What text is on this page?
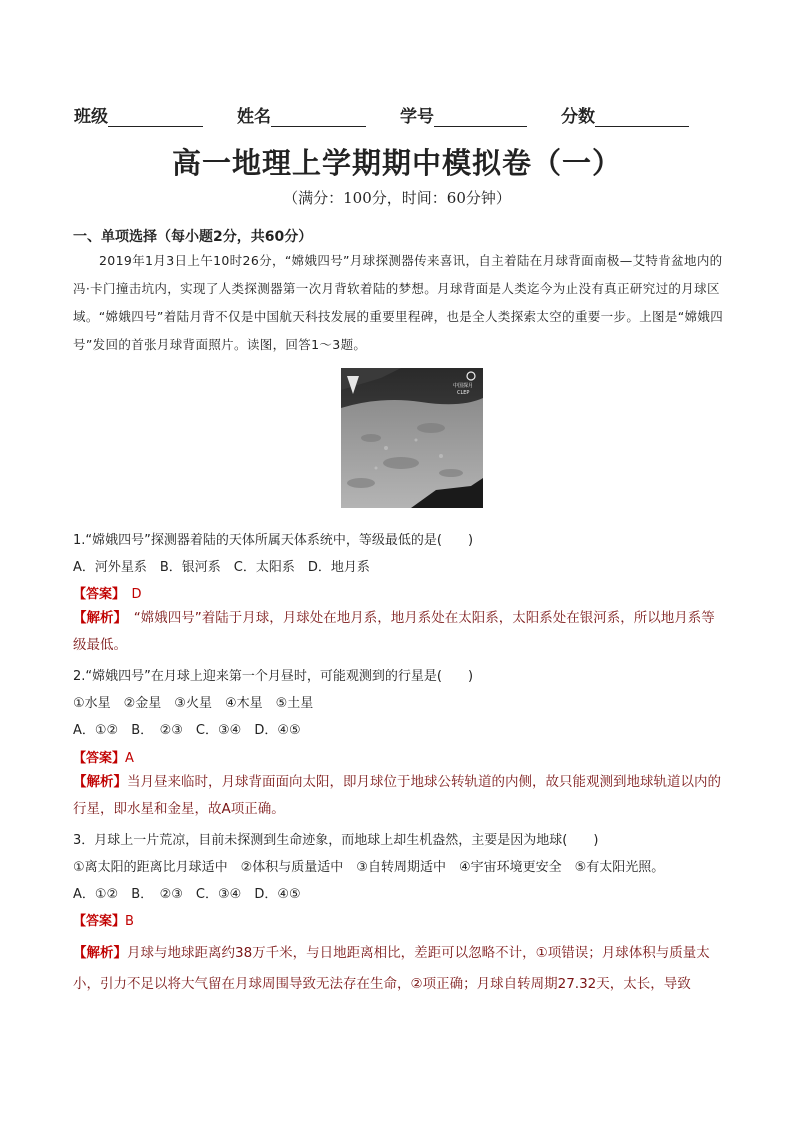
班级	姓名	学号	分数
高一地理上学期期中模拟卷（一）
（满分：100分，时间：60分钟）
一、单项选择（每小题2分，共60分）
2019年1月3日上午10时26分，“嫦娥四号”月球探测器传来喜讯，自主着陆在月球背面南极—艾特肯盆地内的冯·卡门撞击坑内，实现了人类探测器第一次月背软着陆的梦想。月球背面是人类迄今为止没有真正研究过的月球区域。“嫦娥四号”着陆月背不仅是中国航天科技发展的重要里程碑，也是全人类探索太空的重要一步。上图是“嫦娥四号”发回的首张月球背面照片。读图，回答1～3题。
中国探月
CLEP
1.“嫦娥四号”探测器着陆的天体所属天体系统中，等级最低的是(　　)
A．河外星系　B．银河系　C．太阳系　D．地月系
【答案】　D
【解析】　“嫦娥四号”着陆于月球，月球处在地月系，地月系处在太阳系，太阳系处在银河系，所以地月系等级最低。
2.“嫦娥四号”在月球上迎来第一个月昼时，可能观测到的行星是(　　)
①水星　②金星　③火星　④木星　⑤土星
A．①②　B．　②③　C．③④　D．④⑤
【答案】A
【解析】当月昼来临时，月球背面面向太阳，即月球位于地球公转轨道的内侧，故只能观测到地球轨道以内的行星，即水星和金星，故A项正确。
3．月球上一片荒凉，目前未探测到生命迹象，而地球上却生机盎然，主要是因为地球(　　)
①离太阳的距离比月球适中　②体积与质量适中　③自转周期适中　④宇宙环境更安全　⑤有太阳光照。
A．①②　B．　②③　C．③④　D．④⑤
【答案】B
【解析】月球与地球距离约38万千米，与日地距离相比，差距可以忽略不计，①项错误；月球体积与质量太小，引力不足以将大气留在月球周围导致无法存在生命，②项正确；月球自转周期27.32天，太长，导致
